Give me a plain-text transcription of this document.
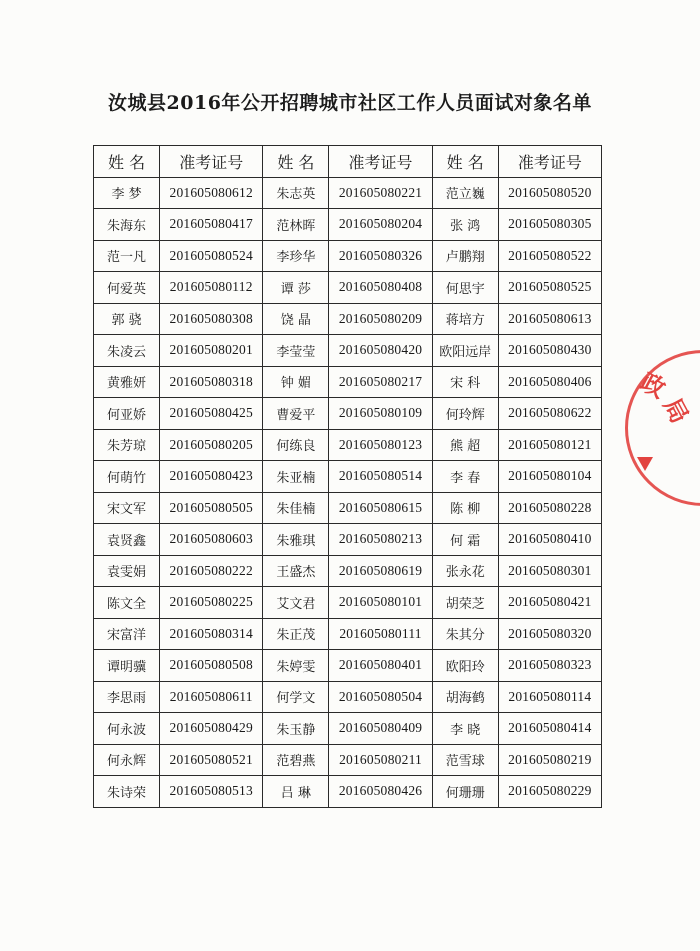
汝城县2016年公开招聘城市社区工作人员面试对象名单
姓 名	准考证号	姓 名	准考证号	姓 名	准考证号
李 梦	201605080612	朱志英	201605080221	范立巍	201605080520
朱海东	201605080417	范林晖	201605080204	张 鸿	201605080305
范一凡	201605080524	李珍华	201605080326	卢鹏翔	201605080522
何爱英	201605080112	谭 莎	201605080408	何思宇	201605080525
郭 骁	201605080308	饶 晶	201605080209	蒋培方	201605080613
朱凌云	201605080201	李莹莹	201605080420	欧阳远岸	201605080430
黄雅妍	201605080318	钟 媚	201605080217	宋 科	201605080406
何亚娇	201605080425	曹爱平	201605080109	何玲辉	201605080622
朱芳琼	201605080205	何练良	201605080123	熊 超	201605080121
何萌竹	201605080423	朱亚楠	201605080514	李 春	201605080104
宋文军	201605080505	朱佳楠	201605080615	陈 柳	201605080228
袁贤鑫	201605080603	朱雅琪	201605080213	何 霜	201605080410
袁雯娟	201605080222	王盛杰	201605080619	张永花	201605080301
陈文全	201605080225	艾文君	201605080101	胡荣芝	201605080421
宋富洋	201605080314	朱正茂	201605080111	朱其分	201605080320
谭明骥	201605080508	朱婷雯	201605080401	欧阳玲	201605080323
李思雨	201605080611	何学文	201605080504	胡海鹤	201605080114
何永波	201605080429	朱玉静	201605080409	李 晓	201605080414
何永辉	201605080521	范碧燕	201605080211	范雪球	201605080219
朱诗荣	201605080513	吕 琳	201605080426	何珊珊	201605080229
政
局
